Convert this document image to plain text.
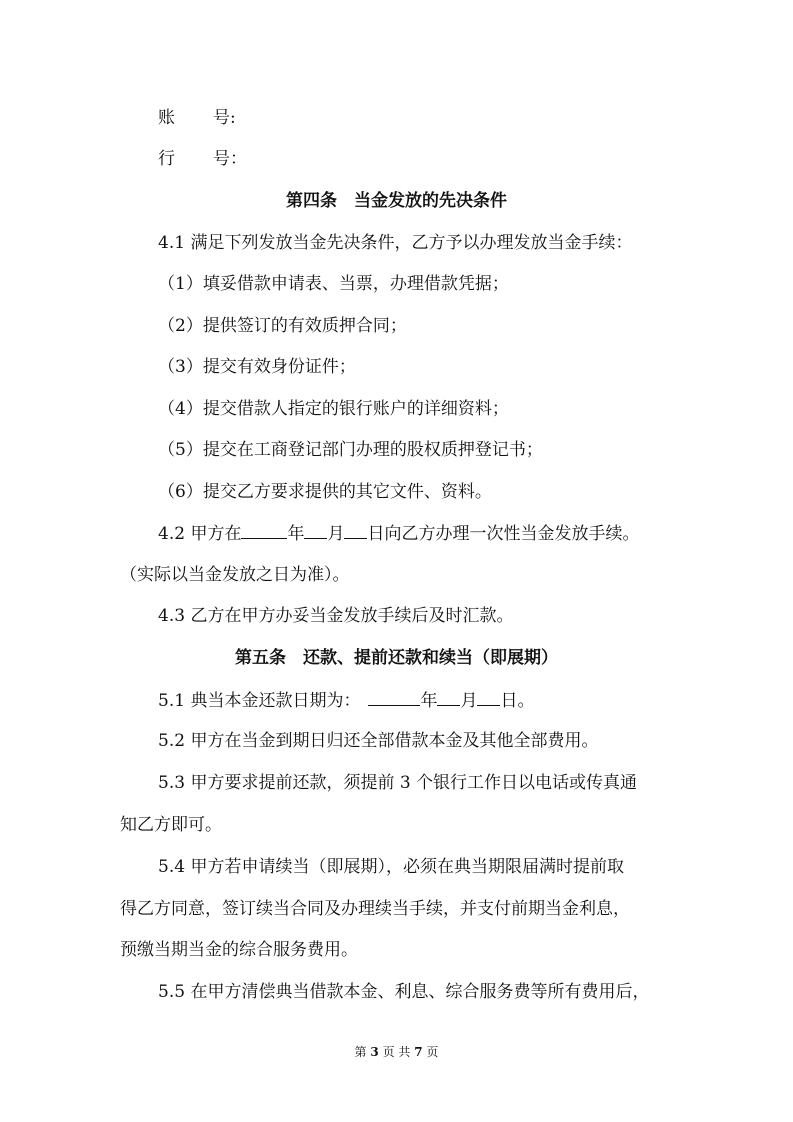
账 号:
行 号：
第四条　当金发放的先决条件
4.1 满足下列发放当金先决条件，乙方予以办理发放当金手续：
（1）填妥借款申请表、当票，办理借款凭据；
（2）提供签订的有效质押合同；
（3）提交有效身份证件；
（4）提交借款人指定的银行账户的详细资料；
（5）提交在工商登记部门办理的股权质押登记书；
（6）提交乙方要求提供的其它文件、资料。
4.2 甲方在	年 月 日向乙方办理一次性当金发放手续。
（实际以当金发放之日为准）。
4.3 乙方在甲方办妥当金发放手续后及时汇款。
第五条　还款、提前还款和续当（即展期）
5.1 典当本金还款日期为：	年 月 日。
5.2 甲方在当金到期日归还全部借款本金及其他全部费用。
5.3 甲方要求提前还款，须提前 3 个银行工作日以电话或传真通
知乙方即可。
5.4 甲方若申请续当（即展期），必须在典当期限届满时提前取
得乙方同意，签订续当合同及办理续当手续，并支付前期当金利息，
预缴当期当金的综合服务费用。
5.5 在甲方清偿典当借款本金、利息、综合服务费等所有费用后，
第 3 页 共 7 页
